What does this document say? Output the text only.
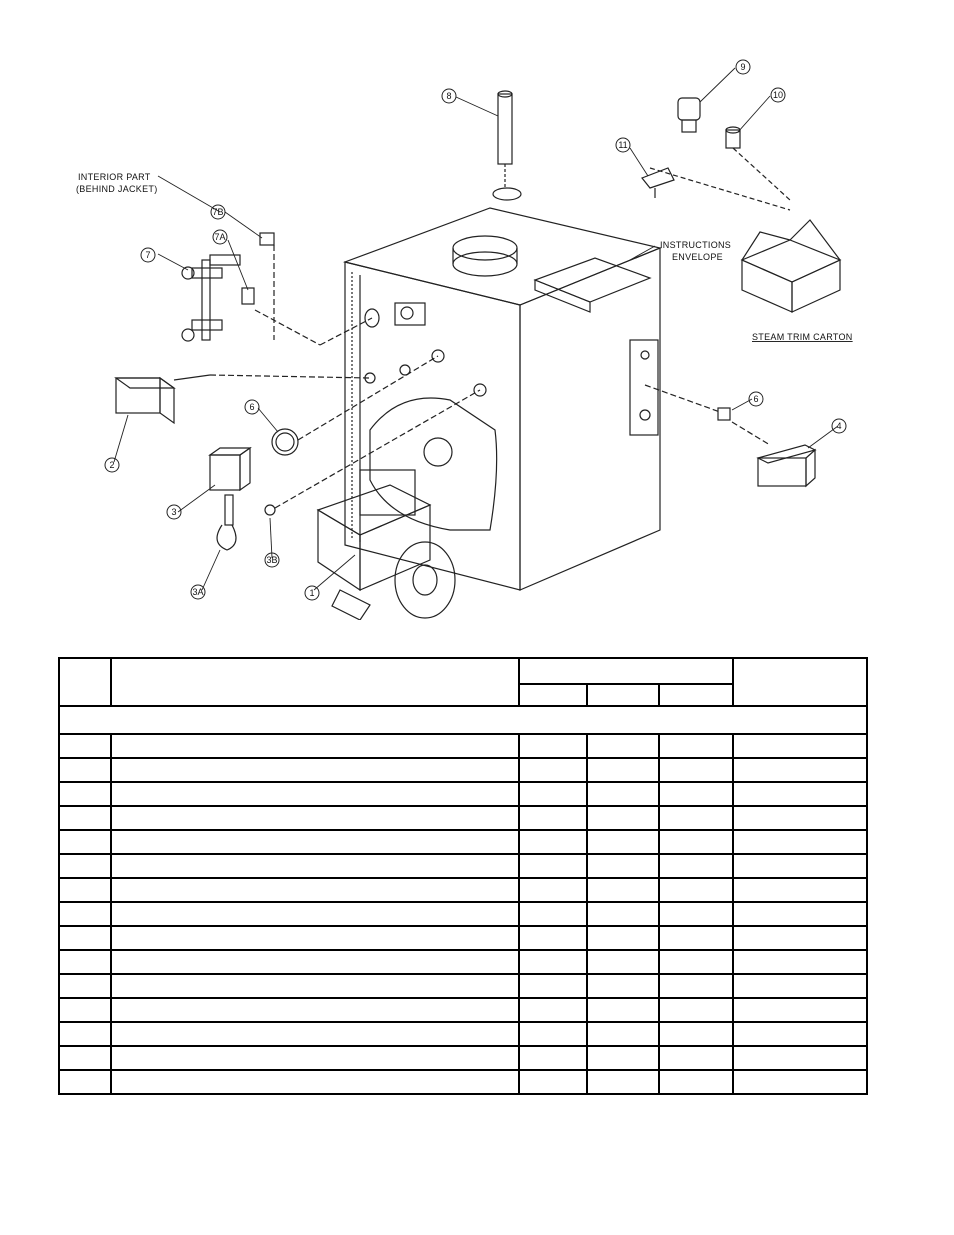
1
2
3
3A
3B
4
6
6
7
7A
7B
8
9
10
11
INTERIOR PART
(BEHIND JACKET)
INSTRUCTIONS
ENVELOPE
STEAM TRIM CARTON
